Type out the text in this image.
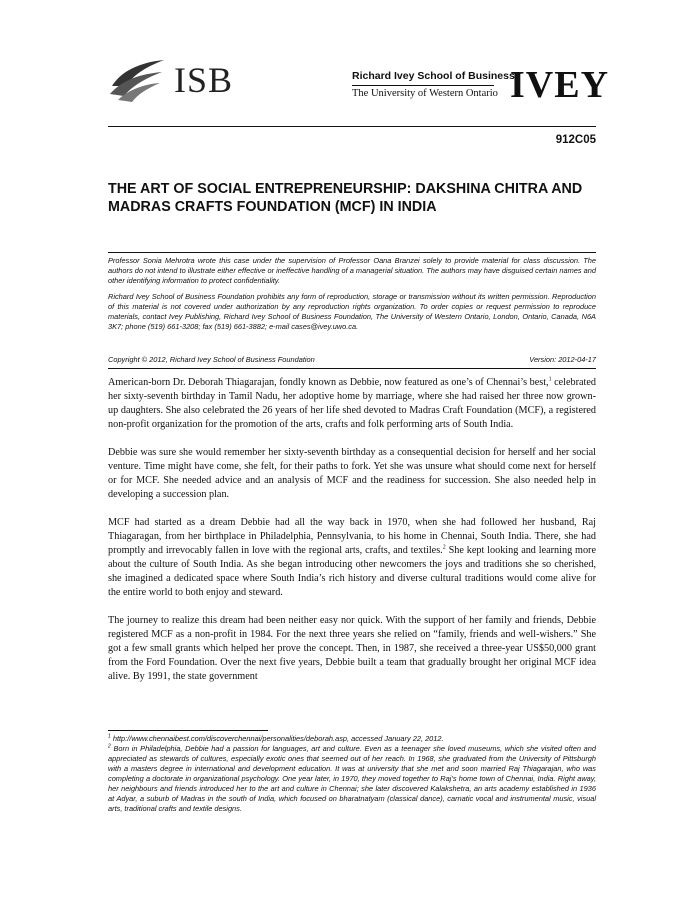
ISB	Richard Ivey School of Business
The University of Western Ontario IVEY
912C05
THE ART OF SOCIAL ENTREPRENEURSHIP: DAKSHINA CHITRA AND MADRAS CRAFTS FOUNDATION (MCF) IN INDIA

Professor Sonia Mehrotra wrote this case under the supervision of Professor Oana Branzei solely to provide material for class discussion. The authors do not intend to illustrate either effective or ineffective handling of a managerial situation. The authors may have disguised certain names and other identifying information to protect confidentiality.

Richard Ivey School of Business Foundation prohibits any form of reproduction, storage or transmission without its written permission. Reproduction of this material is not covered under authorization by any reproduction rights organization. To order copies or request permission to reproduce materials, contact Ivey Publishing, Richard Ivey School of Business Foundation, The University of Western Ontario, London, Ontario, Canada, N6A 3K7; phone (519) 661-3208; fax (519) 661-3882; e-mail cases@ivey.uwo.ca.

Copyright © 2012, Richard Ivey School of Business Foundation	Version: 2012-04-17

American-born Dr. Deborah Thiagarajan, fondly known as Debbie, now featured as one’s of Chennai’s best,$^1$ celebrated her sixty-seventh birthday in Tamil Nadu, her adoptive home by marriage, where she had raised her three now grown-up daughters. She also celebrated the 26 years of her life shed devoted to Madras Craft Foundation (MCF), a registered non-profit organization for the promotion of the arts, crafts and folk performing arts of South India.

Debbie was sure she would remember her sixty-seventh birthday as a consequential decision for herself and her social venture. Time might have come, she felt, for their paths to fork. Yet she was unsure what should come next for herself or for MCF. She needed advice and an analysis of MCF and the readiness for succession. She also needed help in developing a succession plan.

MCF had started as a dream Debbie had all the way back in 1970, when she had followed her husband, Raj Thiagaragan, from her birthplace in Philadelphia, Pennsylvania, to his home in Chennai, South India. There, she had promptly and irrevocably fallen in love with the regional arts, crafts, and textiles.$^2$ She kept looking and learning more about the culture of South India. As she began introducing other newcomers the joys and traditions she so cherished, she imagined a dedicated space where South India’s rich history and diverse cultural traditions would come alive for the entire world to both enjoy and steward.

The journey to realize this dream had been neither easy nor quick. With the support of her family and friends, Debbie registered MCF as a non-profit in 1984. For the next three years she relied on “family, friends and well-wishers.” She got a few small grants which helped her prove the concept. Then, in 1987, she received a three-year US$50,000 grant from the Ford Foundation. Over the next five years, Debbie built a team that gradually brought her original MCF idea alive. By 1991, the state government

$^1$ http://www.chennaibest.com/discoverchennai/personalities/deborah.asp, accessed January 22, 2012.

$^2$ Born in Philadelphia, Debbie had a passion for languages, art and culture. Even as a teenager she loved museums, which she visited often and appreciated as stewards of cultures, especially exotic ones that seemed out of her reach. In 1968, she graduated from the University of Pittsburgh with a masters degree in international and development education. It was at university that she met and soon married Raj Thiagarajan, who was completing a doctorate in organizational psychology. One year later, in 1970, they moved together to Raj’s home town of Chennai, India. Right away, her neighbours and friends introduced her to the art and culture in Chennai; she later discovered Kalakshetra, an arts academy established in 1936 at Adyar, a suburb of Madras in the south of India, which focused on bharatnatyam (classical dance), carnatic vocal and instrumental music, visual arts, traditional crafts and textile designs.
